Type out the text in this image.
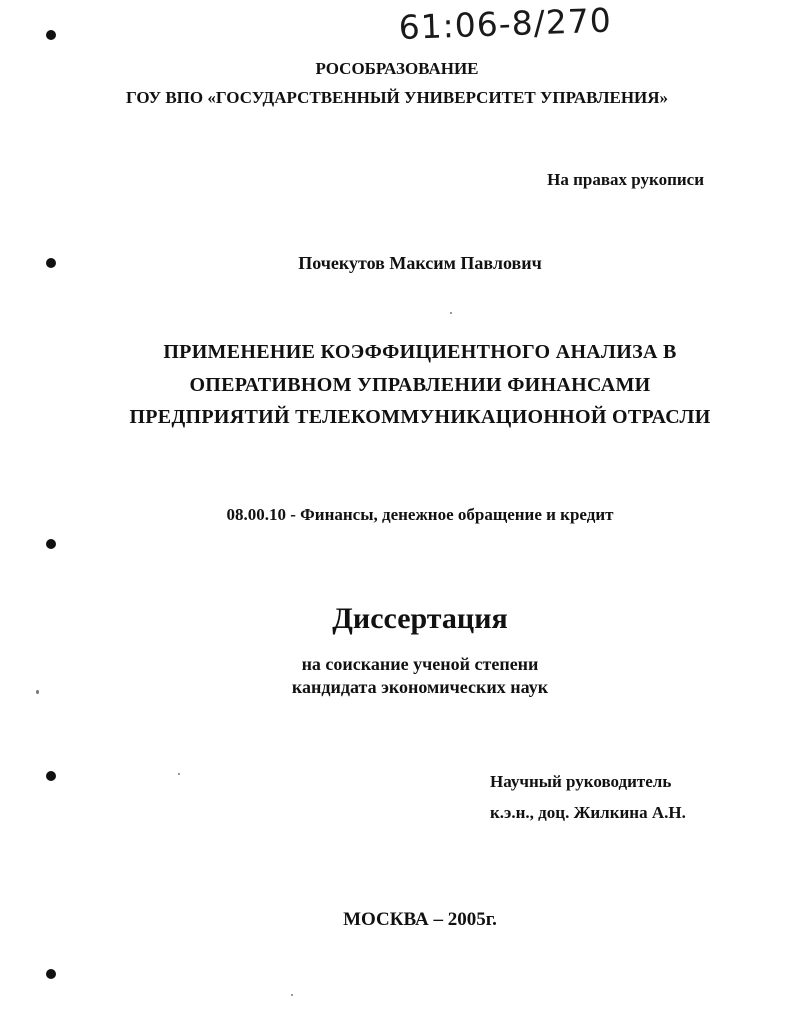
61:06-8/270
РОСОБРАЗОВАНИЕ
ГОУ ВПО «ГОСУДАРСТВЕННЫЙ УНИВЕРСИТЕТ УПРАВЛЕНИЯ»
На правах рукописи
Почекутов Максим Павлович
ПРИМЕНЕНИЕ КОЭФФИЦИЕНТНОГО АНАЛИЗА В
ОПЕРАТИВНОМ УПРАВЛЕНИИ ФИНАНСАМИ
ПРЕДПРИЯТИЙ ТЕЛЕКОММУНИКАЦИОННОЙ ОТРАСЛИ
08.00.10 - Финансы, денежное обращение и кредит
Диссертация
на соискание ученой степени
кандидата экономических наук
Научный руководитель
к.э.н., доц. Жилкина А.Н.
МОСКВА – 2005г.
